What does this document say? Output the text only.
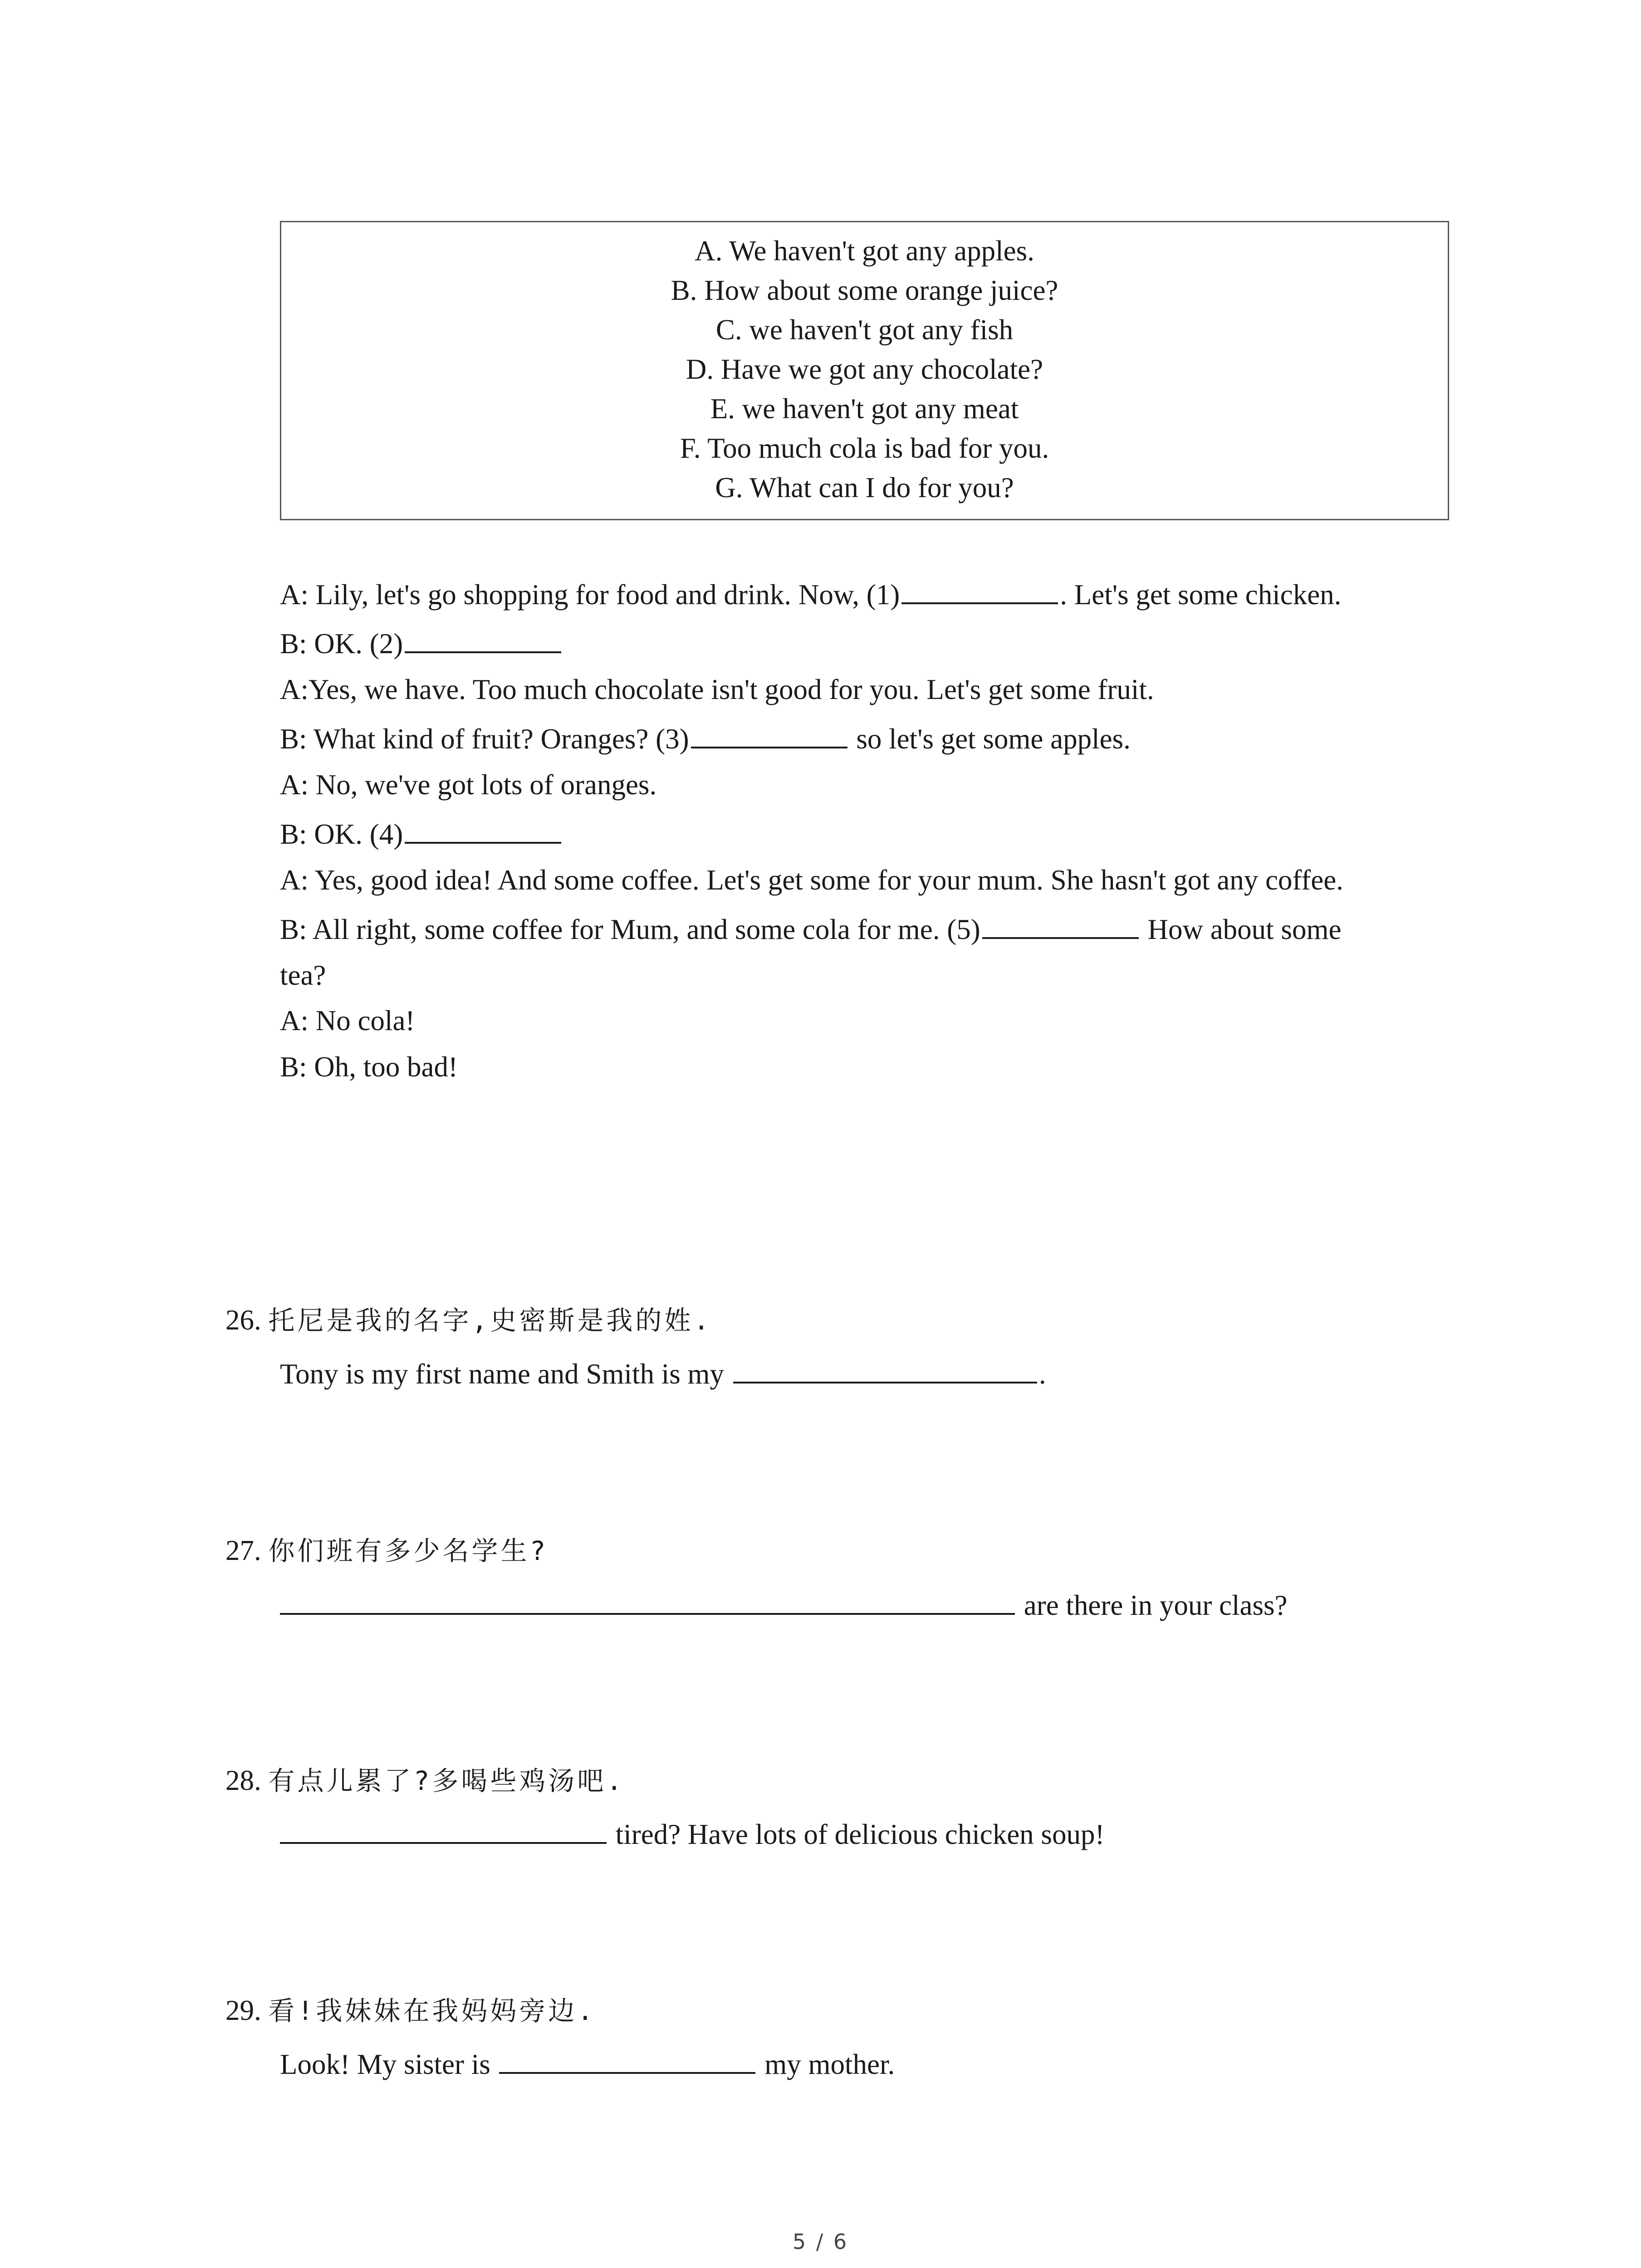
A. We haven't got any apples.
B. How about some orange juice?
C. we haven't got any fish
D. Have we got any chocolate?
E. we haven't got any meat
F. Too much cola is bad for you.
G. What can I do for you?
A: Lily, let's go shopping for food and drink. Now, (1)	. Let's get some chicken.
B: OK. (2)
A:Yes, we have. Too much chocolate isn't good for you. Let's get some fruit.
B: What kind of fruit? Oranges? (3)	so let's get some apples.
A: No, we've got lots of oranges.
B: OK. (4)
A: Yes, good idea! And some coffee. Let's get some for your mum. She hasn't got any coffee.
B: All right, some coffee for Mum, and some cola for me. (5)	How about some
tea?
A: No cola!
B: Oh, too bad!
26. 托尼是我的名字,史密斯是我的姓.
Tony is my first name and Smith is my	.
27. 你们班有多少名学生?
are there in your class?
28. 有点儿累了?多喝些鸡汤吧.
tired? Have lots of delicious chicken soup!
29. 看!我妹妹在我妈妈旁边.
Look! My sister is	my mother.
5 / 6
